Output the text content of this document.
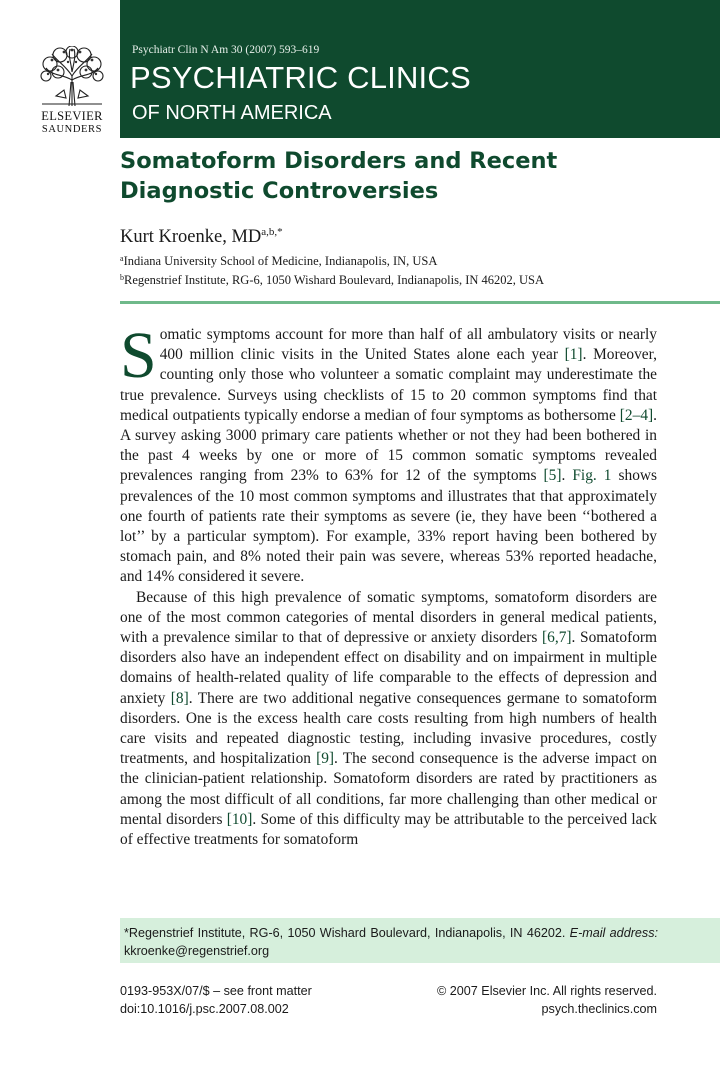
ELSEVIER
SAUNDERS
Psychiatr Clin N Am 30 (2007) 593–619
PSYCHIATRIC CLINICS
OF NORTH AMERICA
Somatoform Disorders and Recent Diagnostic Controversies
Kurt Kroenke, $MD^{a,b,*}$
$^a$Indiana University School of Medicine, Indianapolis, IN, USA
$^b$Regenstrief Institute, RG-6, 1050 Wishard Boulevard, Indianapolis, IN 46202, USA

Somatic symptoms account for more than half of all ambulatory visits or nearly 400 million clinic visits in the United States alone each year [1]. Moreover, counting only those who volunteer a somatic complaint may underestimate the true prevalence. Surveys using checklists of 15 to 20 common symptoms find that medical outpatients typically endorse a median of four symptoms as bothersome [2–4]. A survey asking 3000 primary care patients whether or not they had been bothered in the past 4 weeks by one or more of 15 common somatic symptoms revealed prevalences ranging from 23% to 63% for 12 of the symptoms [5]. Fig. 1 shows prevalences of the 10 most common symptoms and illustrates that that approximately one fourth of patients rate their symptoms as severe (ie, they have been ‘‘bothered a lot’’ by a particular symptom). For example, 33% report having been bothered by stomach pain, and 8% noted their pain was severe, whereas 53% reported headache, and 14% considered it severe.

Because of this high prevalence of somatic symptoms, somatoform disorders are one of the most common categories of mental disorders in general medical patients, with a prevalence similar to that of depressive or anxiety disorders [6,7]. Somatoform disorders also have an independent effect on disability and on impairment in multiple domains of health-related quality of life comparable to the effects of depression and anxiety [8]. There are two additional negative consequences germane to somatoform disorders. One is the excess health care costs resulting from high numbers of health care visits and repeated diagnostic testing, including invasive procedures, costly treatments, and hospitalization [9]. The second consequence is the adverse impact on the clinician-patient relationship. Somatoform disorders are rated by practitioners as among the most difficult of all conditions, far more challenging than other medical or mental disorders [10]. Some of this difficulty may be attributable to the perceived lack of effective treatments for somatoform

*Regenstrief Institute, RG-6, 1050 Wishard Boulevard, Indianapolis, IN 46202. E-mail address: kkroenke@regenstrief.org
0193-953X/07/$ – see front matter
doi:10.1016/j.psc.2007.08.002
© 2007 Elsevier Inc. All rights reserved.
psych.theclinics.com
